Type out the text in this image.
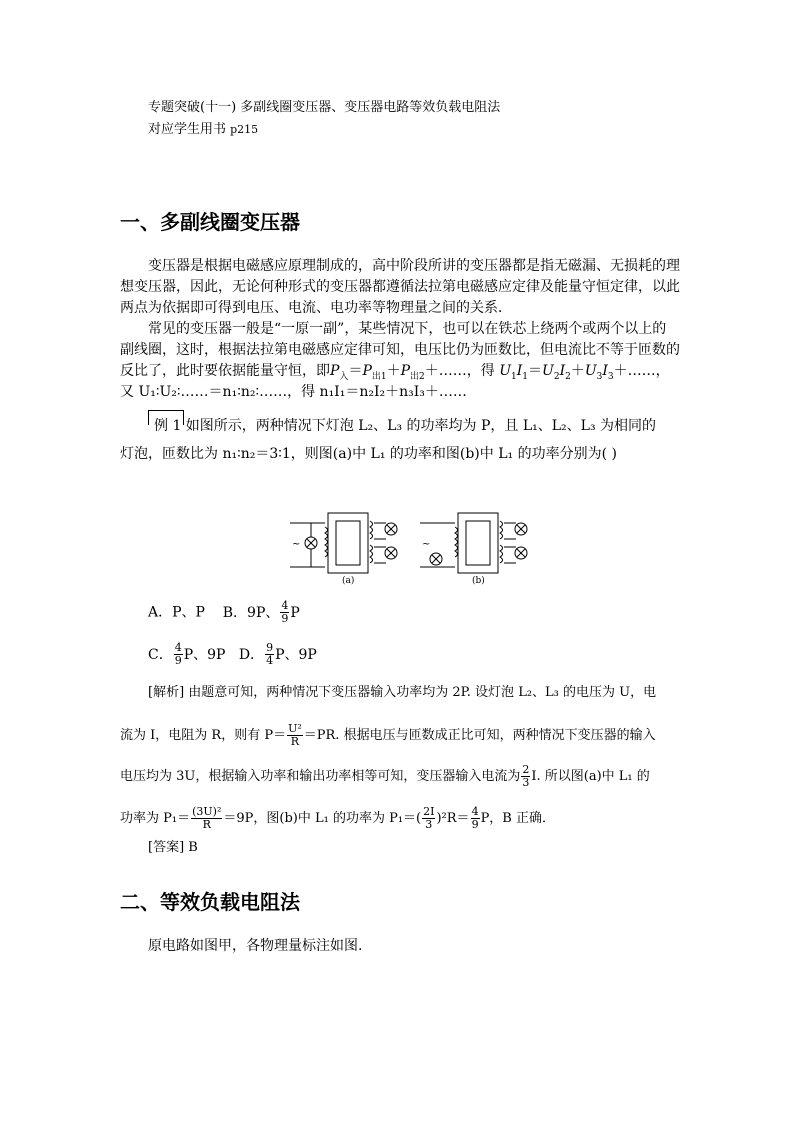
专题突破(十一) 多副线圈变压器、变压器电路等效负载电阻法
对应学生用书 p215
一、多副线圈变压器
变压器是根据电磁感应原理制成的，高中阶段所讲的变压器都是指无磁漏、无损耗的理
想变压器，因此，无论何种形式的变压器都遵循法拉第电磁感应定律及能量守恒定律，以此
两点为依据即可得到电压、电流、电功率等物理量之间的关系．
常见的变压器一般是“一原一副”，某些情况下，也可以在铁芯上绕两个或两个以上的
副线圈，这时，根据法拉第电磁感应定律可知，电压比仍为匝数比，但电流比不等于匝数的
反比了，此时要依据能量守恒，即$P_入=P_{出1}+P_{出2}+\dots\dots$，得 $U_1I_1=U_2I_2+U_3I_3+\dots\dots$，
又 U₁∶U₂∶……＝n₁∶n₂∶……，得 n₁I₁＝n₂I₂＋n₃I₃＋……
例 1 如图所示，两种情况下灯泡 L₂、L₃ 的功率均为 P，且 L₁、L₂、L₃ 为相同的
灯泡，匝数比为 n₁∶n₂＝3∶1，则图(a)中 L₁ 的功率和图(b)中 L₁ 的功率分别为( )
~	~
(a)	(b)
A．P、P B．9P、 $\frac{4}{9}$ P
C． $\frac{4}{9}$ P、9P D． $\frac{9}{4}$ P、9P
[解析] 由题意可知，两种情况下变压器输入功率均为 2P. 设灯泡 L₂、L₃ 的电压为 U，电
流为 I，电阻为 R，则有 $P= \frac{\text{U²}}{R} =PR$. 根据电压与匝数成正比可知，两种情况下变压器的输入
电压均为 3U，根据输入功率和输出功率相等可知，变压器输入电流为 $\frac{2}{3} I$. 所以图(a)中 L₁ 的
功率为 $P_1= \frac{\text{(3U)²}}{R} =9P$，图(b)中 L₁ 的功率为 $P_1=( \frac{2I}{3} )^2R= \frac{4}{9}$ P，B 正确．
[答案] B
二、等效负载电阻法
原电路如图甲，各物理量标注如图.
